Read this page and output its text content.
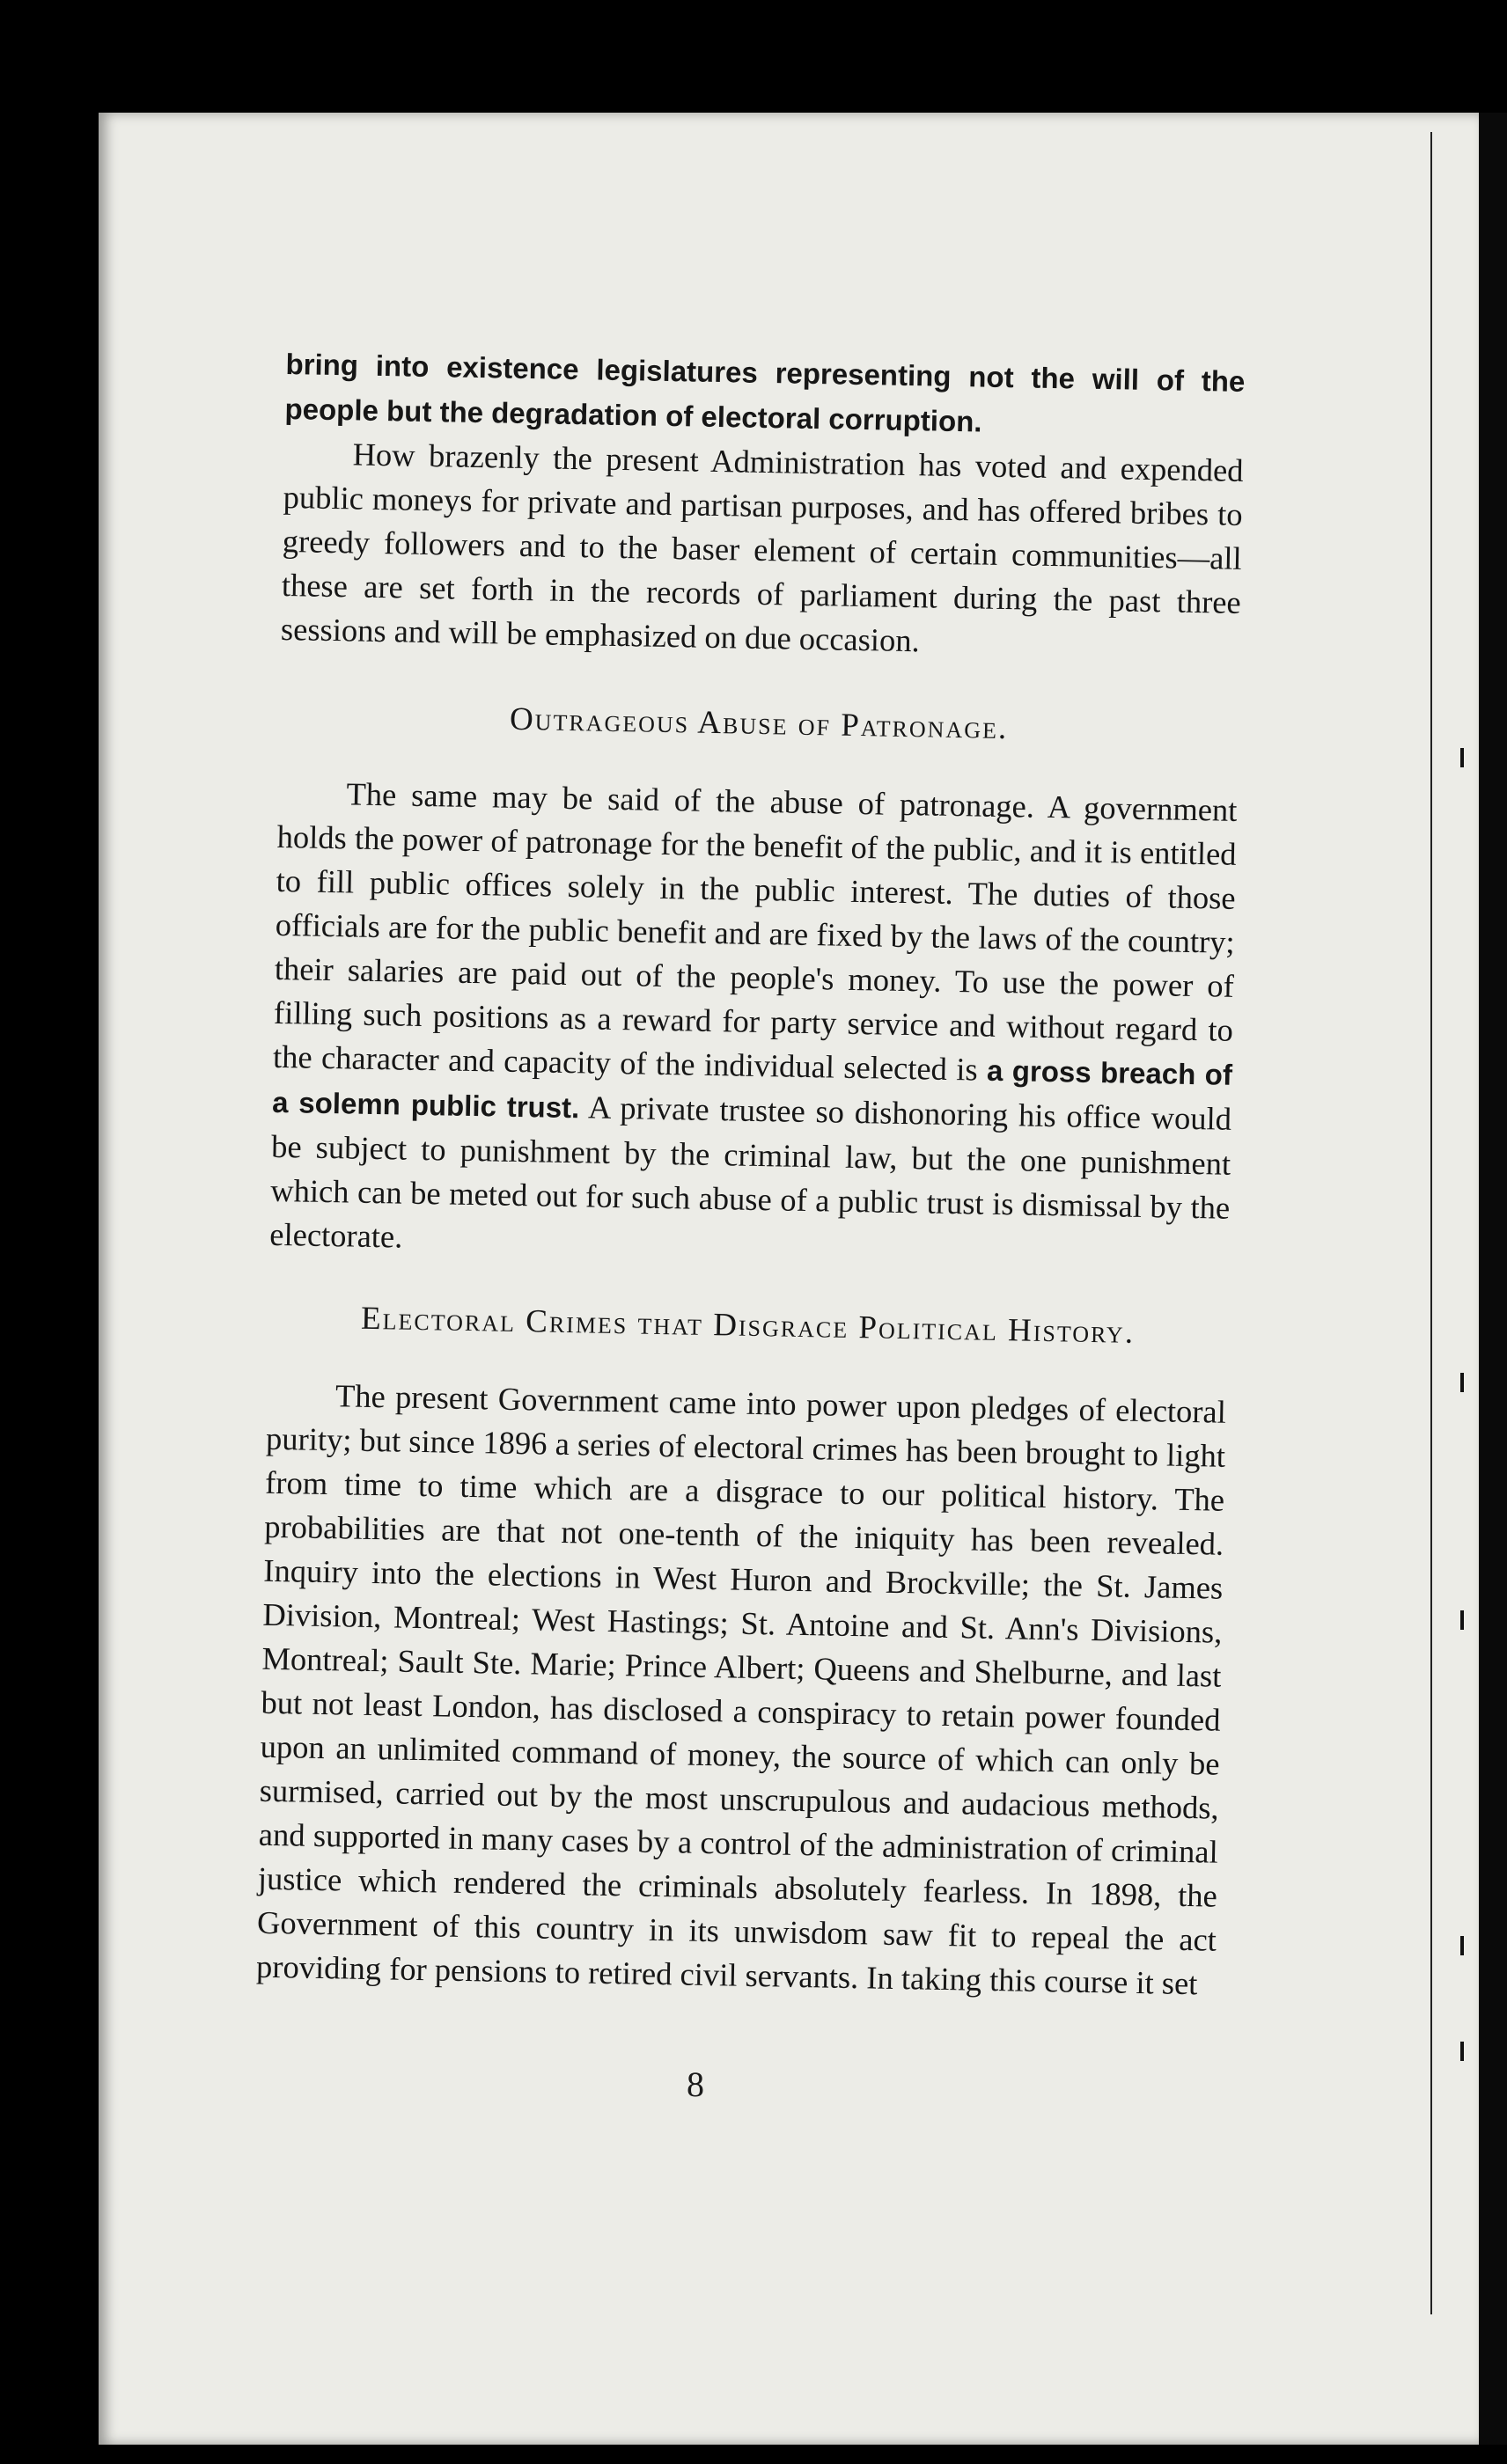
bring into existence legislatures representing not the will of the people but the degradation of electoral corruption.

How brazenly the present Administration has voted and expended public moneys for private and partisan purposes, and has offered bribes to greedy followers and to the baser element of certain communities—all these are set forth in the records of parliament during the past three sessions and will be emphasized on due occasion.

Outrageous Abuse of Patronage.

The same may be said of the abuse of patronage. A government holds the power of patronage for the benefit of the public, and it is entitled to fill public offices solely in the public interest. The duties of those officials are for the public benefit and are fixed by the laws of the country; their salaries are paid out of the people's money. To use the power of filling such positions as a reward for party service and without regard to the character and capacity of the individual selected is a gross breach of a solemn public trust. A private trustee so dishonoring his office would be subject to punishment by the criminal law, but the one punishment which can be meted out for such abuse of a public trust is dismissal by the electorate.

Electoral Crimes that Disgrace Political History.

The present Government came into power upon pledges of electoral purity; but since 1896 a series of electoral crimes has been brought to light from time to time which are a disgrace to our political history. The probabilities are that not one-tenth of the iniquity has been revealed. Inquiry into the elections in West Huron and Brockville; the St. James Division, Montreal; West Hastings; St. Antoine and St. Ann's Divisions, Montreal; Sault Ste. Marie; Prince Albert; Queens and Shelburne, and last but not least London, has disclosed a conspiracy to retain power founded upon an unlimited command of money, the source of which can only be surmised, carried out by the most unscrupulous and audacious methods, and supported in many cases by a control of the administration of criminal justice which rendered the criminals absolutely fearless. In 1898, the Government of this country in its unwisdom saw fit to repeal the act providing for pensions to retired civil servants. In taking this course it set

8
